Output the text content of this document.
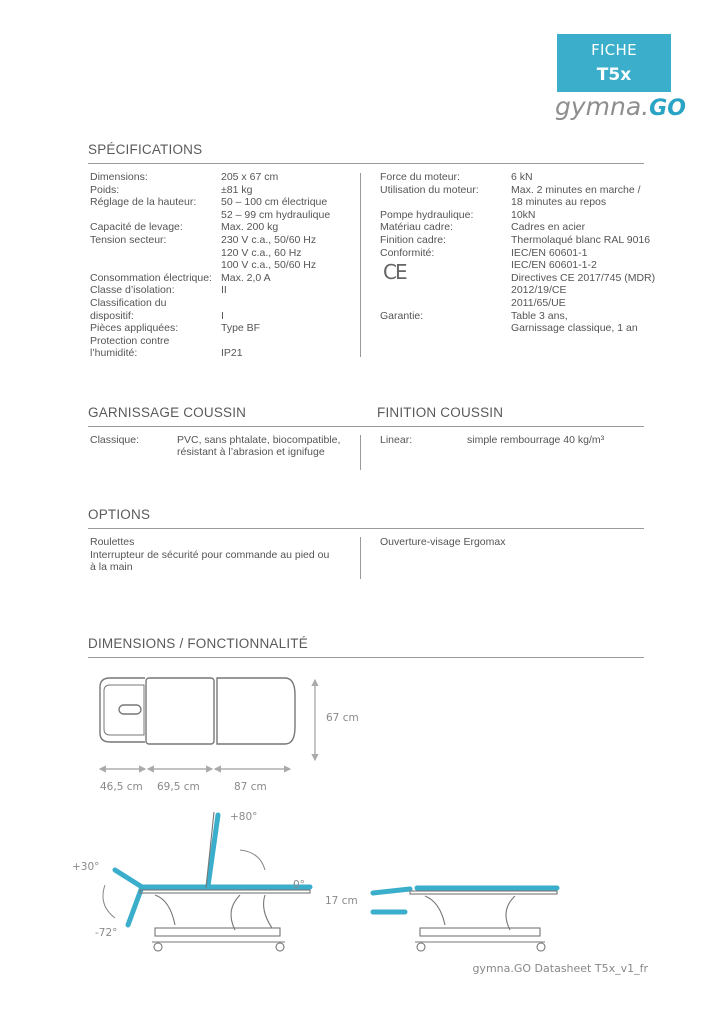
FICHE
T5x
gymna.GO
SPÉCIFICATIONS
Dimensions:	205 x 67 cm
Poids:	±81 kg
Réglage de la hauteur: 50 – 100 cm électrique
52 – 99 cm hydraulique
Capacité de levage:	Max. 200 kg
Tension secteur:	230 V c.a., 50/60 Hz
120 V c.a., 60 Hz
100 V c.a., 50/60 Hz
Consommation électrique: Max. 2,0 A
Classe d’isolation:	II
Classification du
dispositif:	I
Pièces appliquées:	Type BF
Protection contre
l’humidité:	IP21
Force du moteur:	6 kN
Utilisation du moteur:	Max. 2 minutes en marche /
18 minutes au repos
Pompe hydraulique:	10kN
Matériau cadre:	Cadres en acier
Finition cadre:	Thermolaqué blanc RAL 9016
Conformité:	IEC/EN 60601-1
IEC/EN 60601-1-2
Directives CE 2017/745 (MDR)
2012/19/CE
2011/65/UE
Garantie:	Table 3 ans,
Garnissage classique, 1 an
CE
GARNISSAGE COUSSIN	FINITION COUSSIN
Classique:	PVC, sans phtalate, biocompatible,
résistant à l’abrasion et ignifuge
Linear:	simple rembourrage 40 kg/m³
OPTIONS
Roulettes
Interrupteur de sécurité pour commande au pied ou
à la main
Ouverture-visage Ergomax
DIMENSIONS / FONCTIONNALITÉ
67 cm
46,5 cm 69,5 cm	87 cm
+80°
0°
+30°
-72°
17 cm
gymna.GO Datasheet T5x_v1_fr
